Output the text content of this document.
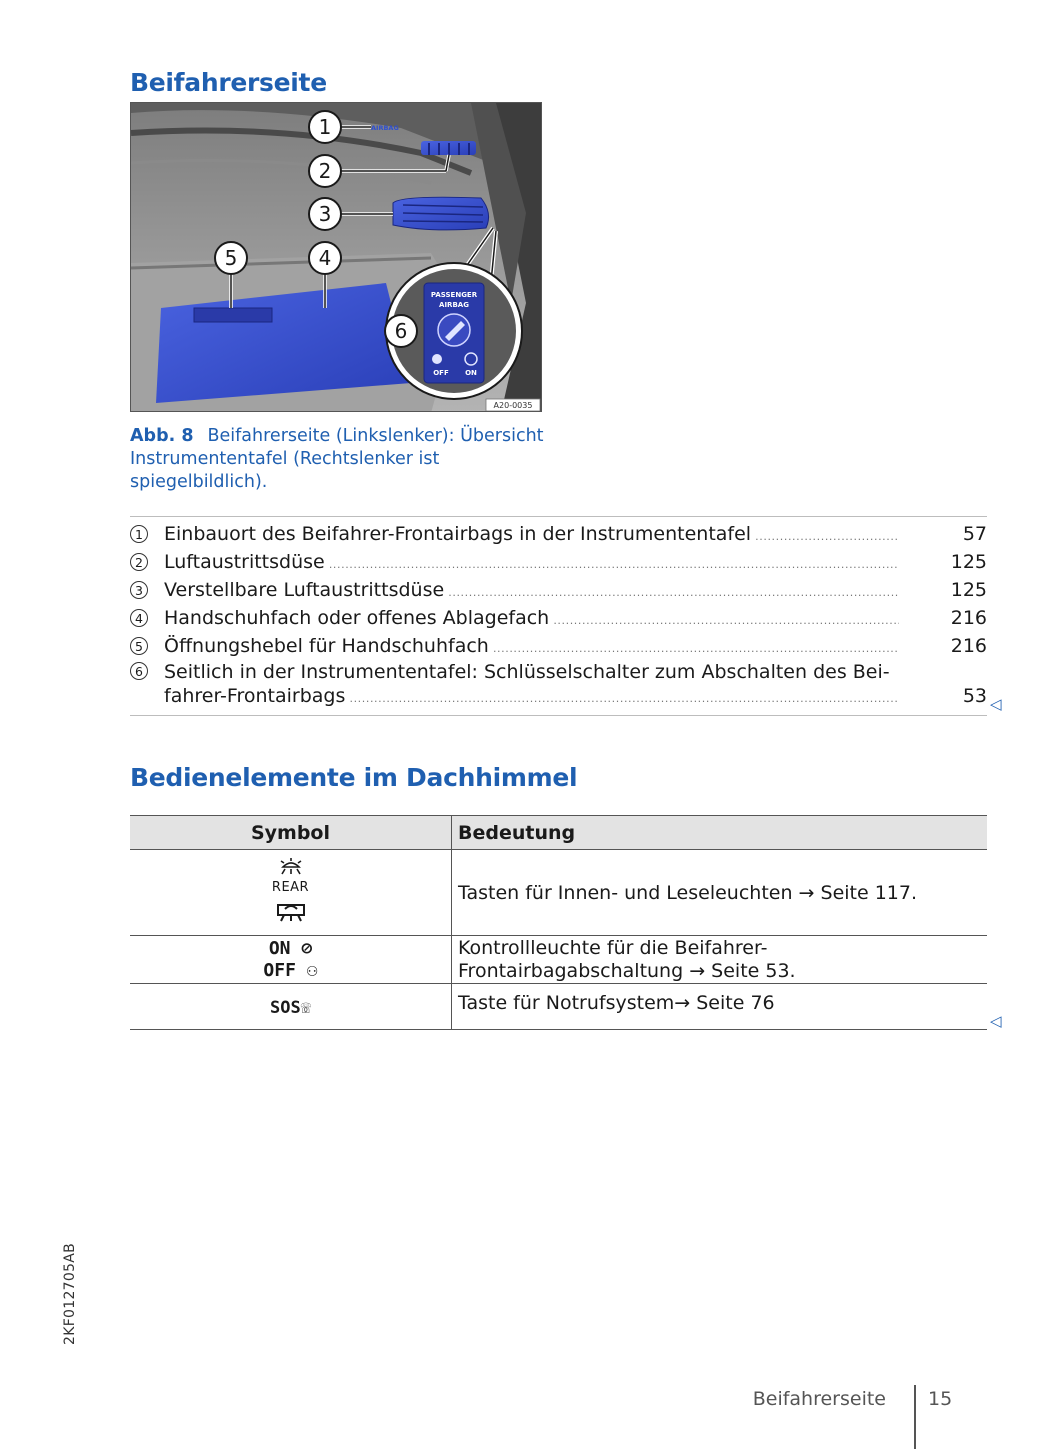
Beifahrerseite
AIRBAG
1
2
3
4
5
PASSENGER
AIRBAG
OFF ON
6
A20-0035
Abb. 8 Beifahrerseite (Linkslenker): Übersicht Instrumententafel (Rechtslenker ist spiegelbildlich).
1 Einbauort des Beifahrer-Frontairbags in der Instrumententafel .....	57
2 Luftaustrittsdüse .....	125
3 Verstellbare Luftaustrittsdüse .....	125
4 Handschuhfach oder offenes Ablagefach .....	216
5 Öffnungshebel für Handschuhfach .....	216
6 Seitlich in der Instrumententafel: Schlüsselschalter zum Abschalten des Bei-
fahrer-Frontairbags .....	53 ◁
Bedienelemente im Dachhimmel
Symbol	Bedeutung

REAR	Tasten für Innen- und Leseleuchten → Seite 117.

ON ⊘
OFF ⚇	Kontrollleuchte für die Beifahrer-Frontairbagabschaltung → Seite 53.
SOS☏	Taste für Notrufsystem→ Seite 76
◁
2KF012705AB
Beifahrerseite 15
